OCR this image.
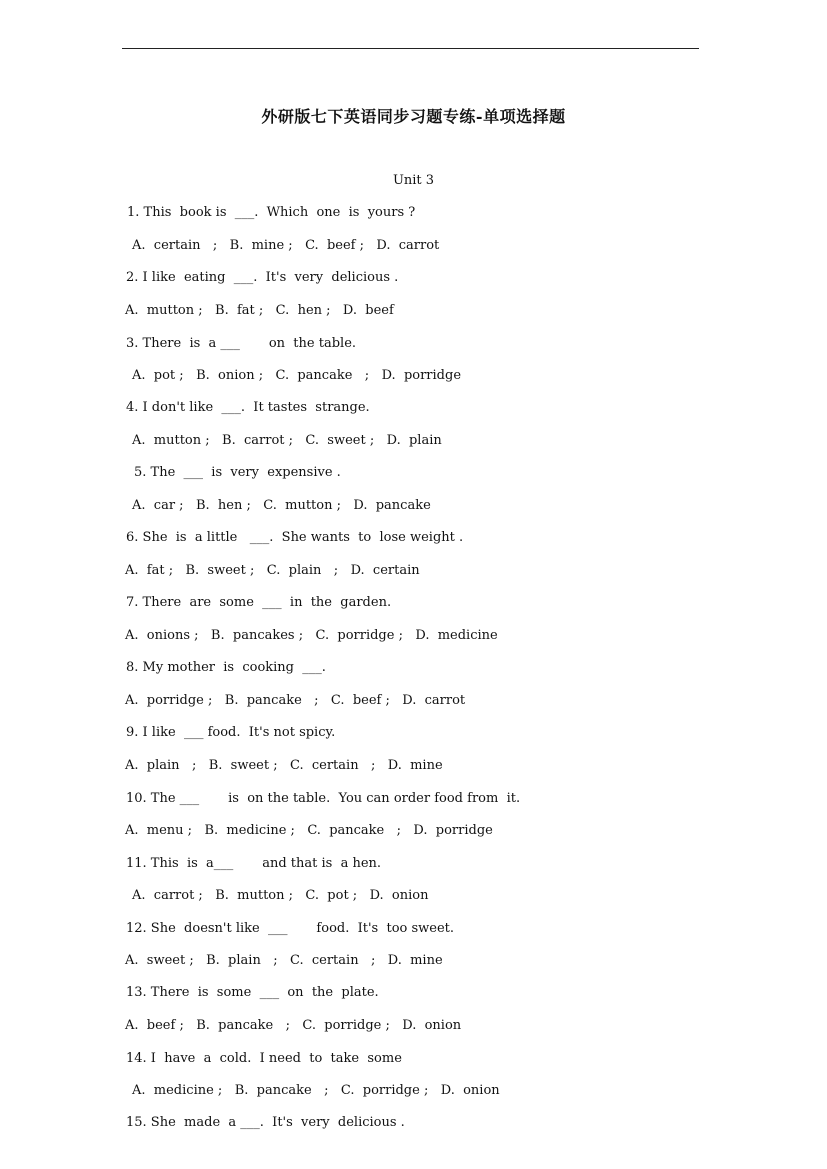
外研版七下英语同步习题专练-单项选择题
Unit 3
1. This  book is  ___.  Which  one  is  yours ?
A.  certain   ;   B.  mine ;   C.  beef ;   D.  carrot
2. I like  eating  ___.  It's  very  delicious .
A.  mutton ;   B.  fat ;   C.  hen ;   D.  beef
3. There  is  a ___       on  the table.
A.  pot ;   B.  onion ;   C.  pancake   ;   D.  porridge
4. I don't like  ___.  It tastes  strange.
A.  mutton ;   B.  carrot ;   C.  sweet ;   D.  plain
5. The  ___  is  very  expensive .
A.  car ;   B.  hen ;   C.  mutton ;   D.  pancake
6. She  is  a little   ___.  She wants  to  lose weight .
A.  fat ;   B.  sweet ;   C.  plain   ;   D.  certain
7. There  are  some  ___  in  the  garden.
A.  onions ;   B.  pancakes ;   C.  porridge ;   D.  medicine
8. My mother  is  cooking  ___.
A.  porridge ;   B.  pancake   ;   C.  beef ;   D.  carrot
9. I like  ___ food.  It's not spicy.
A.  plain   ;   B.  sweet ;   C.  certain   ;   D.  mine
10. The ___       is  on the table.  You can order food from  it.
A.  menu ;   B.  medicine ;   C.  pancake   ;   D.  porridge
11. This  is  a___       and that is  a hen.
A.  carrot ;   B.  mutton ;   C.  pot ;   D.  onion
12. She  doesn't like  ___       food.  It's  too sweet.
A.  sweet ;   B.  plain   ;   C.  certain   ;   D.  mine
13. There  is  some  ___  on  the  plate.
A.  beef ;   B.  pancake   ;   C.  porridge ;   D.  onion
14. I  have  a  cold.  I need  to  take  some
A.  medicine ;   B.  pancake   ;   C.  porridge ;   D.  onion
15. She  made  a ___.  It's  very  delicious .
